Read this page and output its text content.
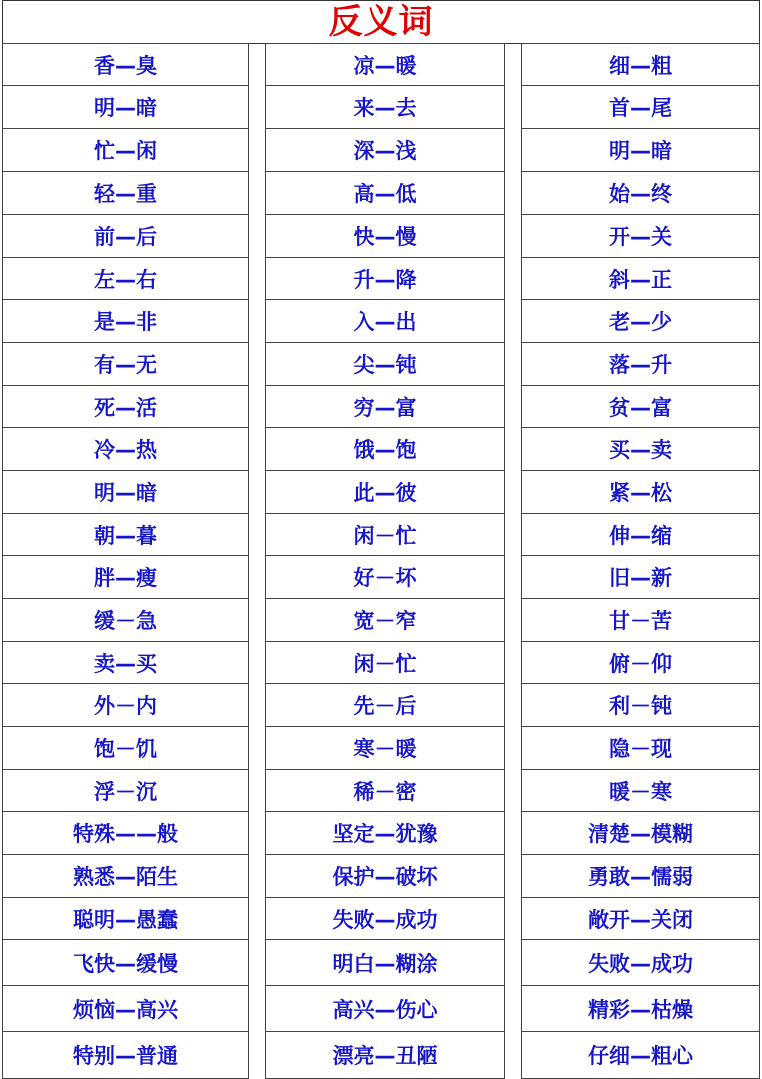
反义词
香—臭
明—暗
忙—闲
轻—重
前—后
左—右
是—非
有—无
死—活
冷—热
明—暗
朝—暮
胖—瘦
缓－急
卖—买
外－内
饱－饥
浮－沉
特殊——般
熟悉—陌生
聪明—愚蠢
飞快—缓慢
烦恼—高兴
特别—普通
凉—暖
来—去
深—浅
高—低
快—慢
升—降
入—出
尖—钝
穷—富
饿—饱
此—彼
闲－忙
好－坏
宽－窄
闲－忙
先－后
寒－暖
稀－密
坚定—犹豫
保护—破坏
失败—成功
明白—糊涂
高兴—伤心
漂亮—丑陋
细—粗
首—尾
明—暗
始—终
开—关
斜—正
老—少
落—升
贫—富
买—卖
紧—松
伸—缩
旧—新
甘－苦
俯－仰
利－钝
隐－现
暖－寒
清楚—模糊
勇敢—懦弱
敞开—关闭
失败—成功
精彩—枯燥
仔细—粗心
